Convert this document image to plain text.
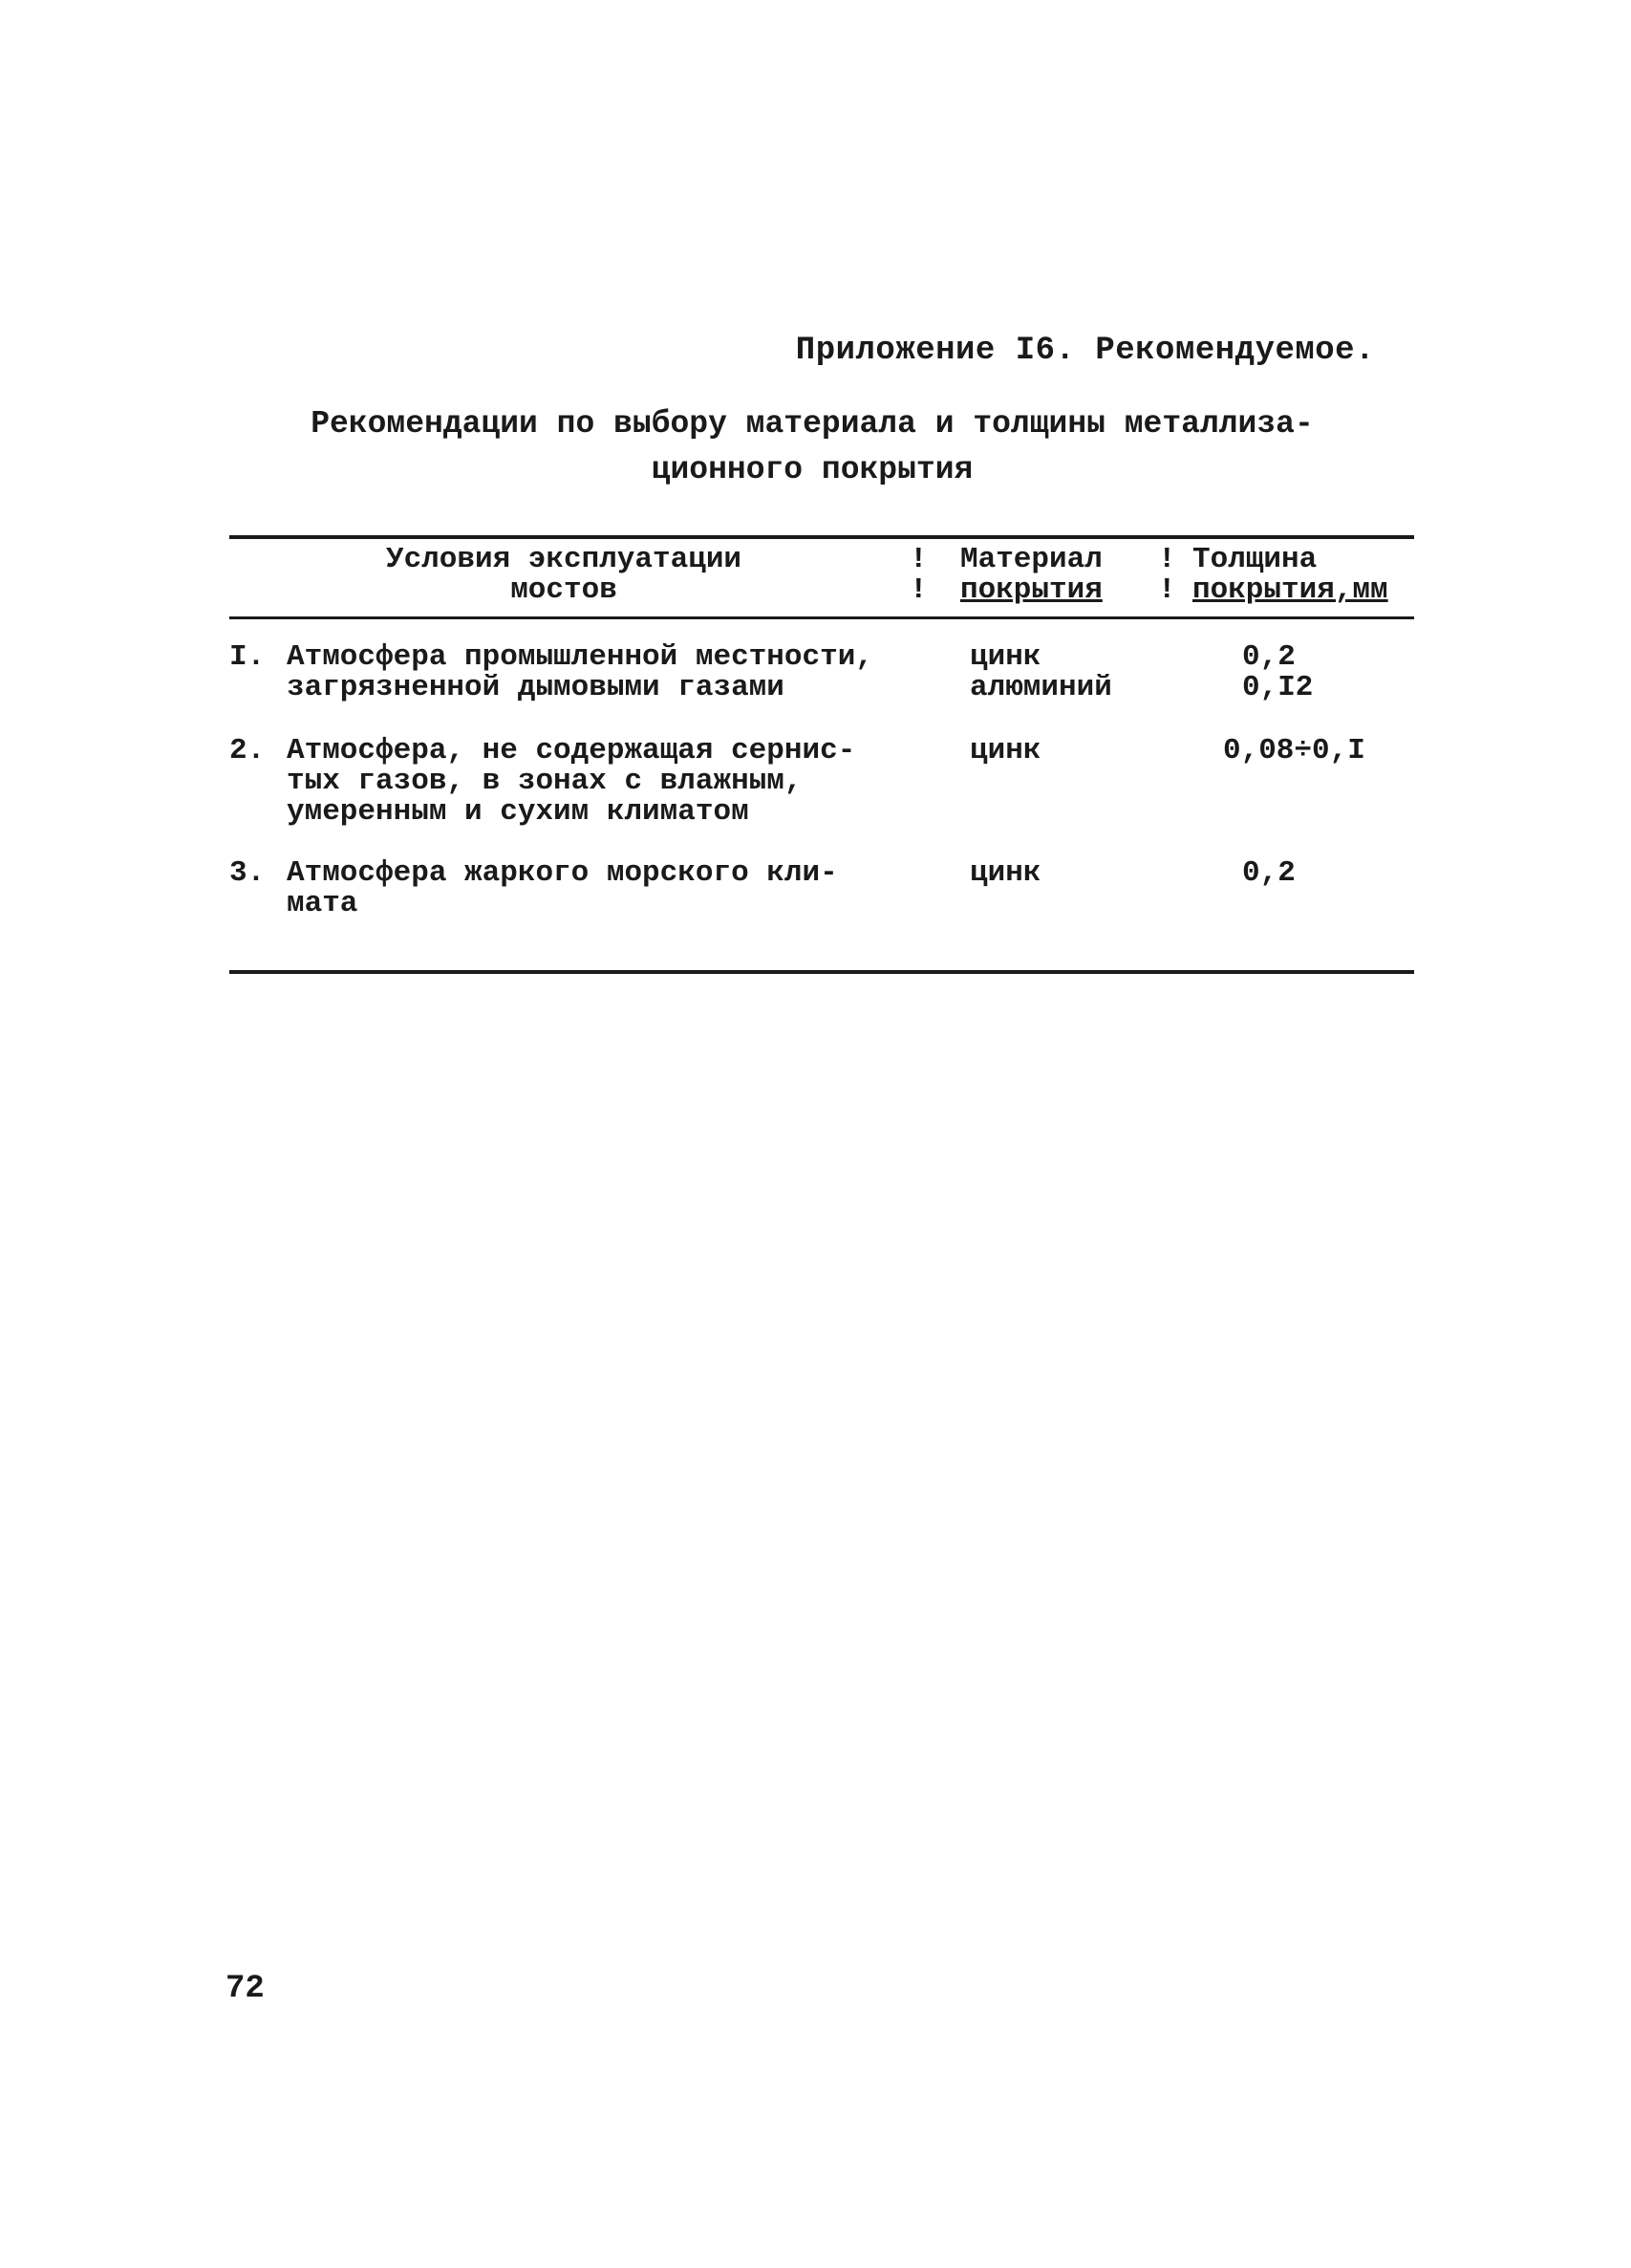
Приложение I6. Рекомендуемое.
Рекомендации по выбору материала и толщины металлиза-
ционного покрытия
Условия эксплуатации
мостов
!
!
Материал
покрытия
!
!
Толщина
покрытия,мм
I. Атмосфера промышленной местности,
загрязненной дымовыми газами
цинк
алюминий
0,2
0,I2
2. Атмосфера, не содержащая сернис-
тых газов, в зонах с влажным,
умеренным и сухим климатом
цинк	0,08÷0,I
3. Атмосфера жаркого морского кли-
мата
цинк	0,2
72
